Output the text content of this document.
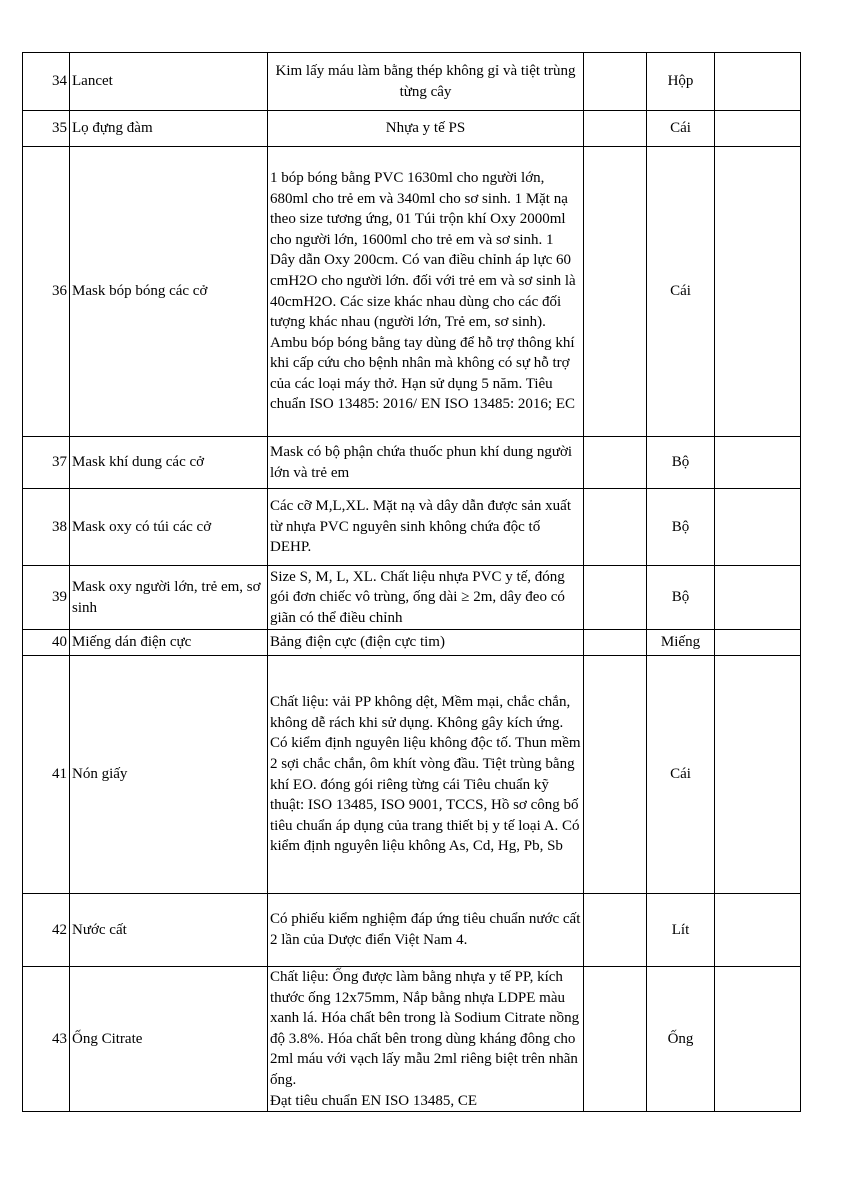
34	Lancet	Kim lấy máu làm bằng thép không gỉ và tiệt trùng từng cây		Hộp	
35	Lọ đựng đàm	Nhựa y tế PS		Cái	
36	Mask bóp bóng các cở	1 bóp bóng bằng PVC 1630ml cho người lớn, 680ml cho trẻ em và 340ml cho sơ sinh. 1 Mặt nạ theo size tương ứng, 01 Túi trộn khí Oxy 2000ml cho người lớn, 1600ml cho trẻ em và sơ sinh. 1 Dây dẫn Oxy 200cm. Có van điều chỉnh áp lực 60 cmH2O cho người lớn. đối với trẻ em và sơ sinh là 40cmH2O. Các size khác nhau dùng cho các đối tượng khác nhau (người lớn, Trẻ em, sơ sinh). Ambu bóp bóng bằng tay dùng để hỗ trợ thông khí khi cấp cứu cho bệnh nhân mà không có sự hỗ trợ của các loại máy thở. Hạn sử dụng 5 năm. Tiêu chuẩn ISO 13485: 2016/ EN ISO 13485: 2016; EC		Cái	
37	Mask khí dung các cở	Mask có bộ phận chứa thuốc phun khí dung người lớn và trẻ em		Bộ	
38	Mask oxy có túi các cở	Các cỡ M,L,XL. Mặt nạ và dây dẫn được sản xuất từ nhựa PVC nguyên sinh không chứa độc tố DEHP.		Bộ	
39	Mask oxy người lớn, trẻ em, sơ sinh	Size S, M, L, XL. Chất liệu nhựa PVC y tế, đóng gói đơn chiếc vô trùng, ống dài ≥ 2m, dây đeo có giãn có thể điều chỉnh		Bộ	
40	Miếng dán điện cực	Bảng điện cực (điện cực tim)		Miếng	
41	Nón giấy	Chất liệu: vải PP không dệt, Mềm mại, chắc chắn, không dễ rách khi sử dụng. Không gây kích ứng. Có kiểm định nguyên liệu không độc tố. Thun mềm 2 sợi chắc chắn, ôm khít vòng đầu. Tiệt trùng bằng khí EO. đóng gói riêng từng cái Tiêu chuẩn kỹ thuật: ISO 13485, ISO 9001, TCCS, Hồ sơ công bố tiêu chuẩn áp dụng của trang thiết bị y tế loại A. Có kiểm định nguyên liệu không As, Cd, Hg, Pb, Sb		Cái	
42	Nước cất	Có phiếu kiểm nghiệm đáp ứng tiêu chuẩn nước cất 2 lần của Dược điển Việt Nam 4.		Lít	
43	Ống Citrate	Chất liệu: Ống được làm bằng nhựa y tế PP, kích thước ống 12x75mm, Nắp bằng nhựa LDPE màu xanh lá. Hóa chất bên trong là Sodium Citrate nồng độ 3.8%. Hóa chất bên trong dùng kháng đông cho 2ml máu với vạch lấy mẫu 2ml riêng biệt trên nhãn ống.
Đạt tiêu chuẩn EN ISO 13485, CE		Ống	
